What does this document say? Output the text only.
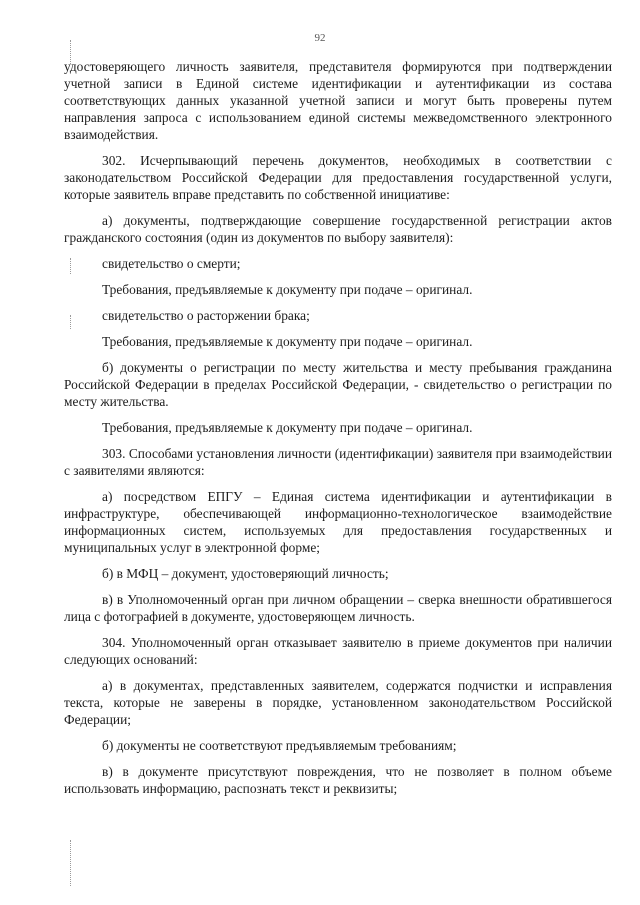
92

удостоверяющего личность заявителя, представителя формируются при подтверждении учетной записи в Единой системе идентификации и аутентификации из состава соответствующих данных указанной учетной записи и могут быть проверены путем направления запроса с использованием единой системы межведомственного электронного взаимодействия.

302. Исчерпывающий перечень документов, необходимых в соответствии с законодательством Российской Федерации для предоставления государственной услуги, которые заявитель вправе представить по собственной инициативе:

а) документы, подтверждающие совершение государственной регистрации актов гражданского состояния (один из документов по выбору заявителя):

свидетельство о смерти;

Требования, предъявляемые к документу при подаче – оригинал.

свидетельство о расторжении брака;

Требования, предъявляемые к документу при подаче – оригинал.

б) документы о регистрации по месту жительства и месту пребывания гражданина Российской Федерации в пределах Российской Федерации, - свидетельство о регистрации по месту жительства.

Требования, предъявляемые к документу при подаче – оригинал.

303. Способами установления личности (идентификации) заявителя при взаимодействии с заявителями являются:

а) посредством ЕПГУ – Единая система идентификации и аутентификации в инфраструктуре, обеспечивающей информационно-технологическое взаимодействие информационных систем, используемых для предоставления государственных и муниципальных услуг в электронной форме;

б) в МФЦ – документ, удостоверяющий личность;

в) в Уполномоченный орган при личном обращении – сверка внешности обратившегося лица с фотографией в документе, удостоверяющем личность.

304. Уполномоченный орган отказывает заявителю в приеме документов при наличии следующих оснований:

а) в документах, представленных заявителем, содержатся подчистки и исправления текста, которые не заверены в порядке, установленном законодательством Российской Федерации;

б) документы не соответствуют предъявляемым требованиям;

в) в документе присутствуют повреждения, что не позволяет в полном объеме использовать информацию, распознать текст и реквизиты;
